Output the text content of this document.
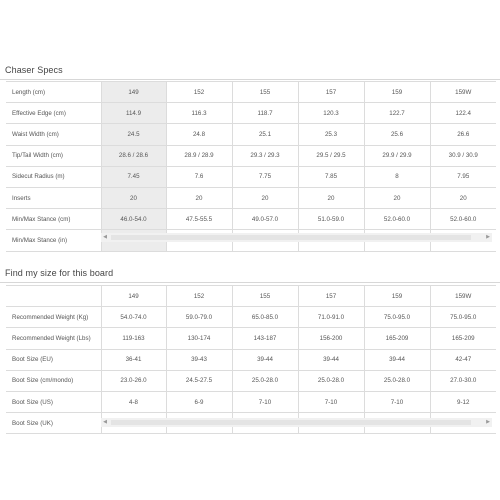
Chaser Specs
Length (cm)	149	152	155	157	159	159W
Effective Edge (cm)	114.9	116.3	118.7	120.3	122.7	122.4
Waist Width (cm)	24.5	24.8	25.1	25.3	25.6	26.6
Tip/Tail Width (cm)	28.6 / 28.6	28.9 / 28.9	29.3 / 29.3	29.5 / 29.5	29.9 / 29.9	30.9 / 30.9
Sidecut Radius (m)	7.45	7.6	7.75	7.85	8	7.95
Inserts	20	20	20	20	20	20
Min/Max Stance (cm)	46.0-54.0	47.5-55.5	49.0-57.0	51.0-59.0	52.0-60.0	52.0-60.0
Min/Max Stance (in)							◀	▶
Find my size for this board
	149	152	155	157	159	159W
Recommended Weight (Kg)	54.0-74.0	59.0-79.0	65.0-85.0	71.0-91.0	75.0-95.0	75.0-95.0
Recommended Weight (Lbs)	119-163	130-174	143-187	156-200	165-209	165-209
Boot Size (EU)	36-41	39-43	39-44	39-44	39-44	42-47
Boot Size (cm/mondo)	23.0-26.0	24.5-27.5	25.0-28.0	25.0-28.0	25.0-28.0	27.0-30.0
Boot Size (US)	4-8	6-9	7-10	7-10	7-10	9-12
Boot Size (UK)							◀	▶
